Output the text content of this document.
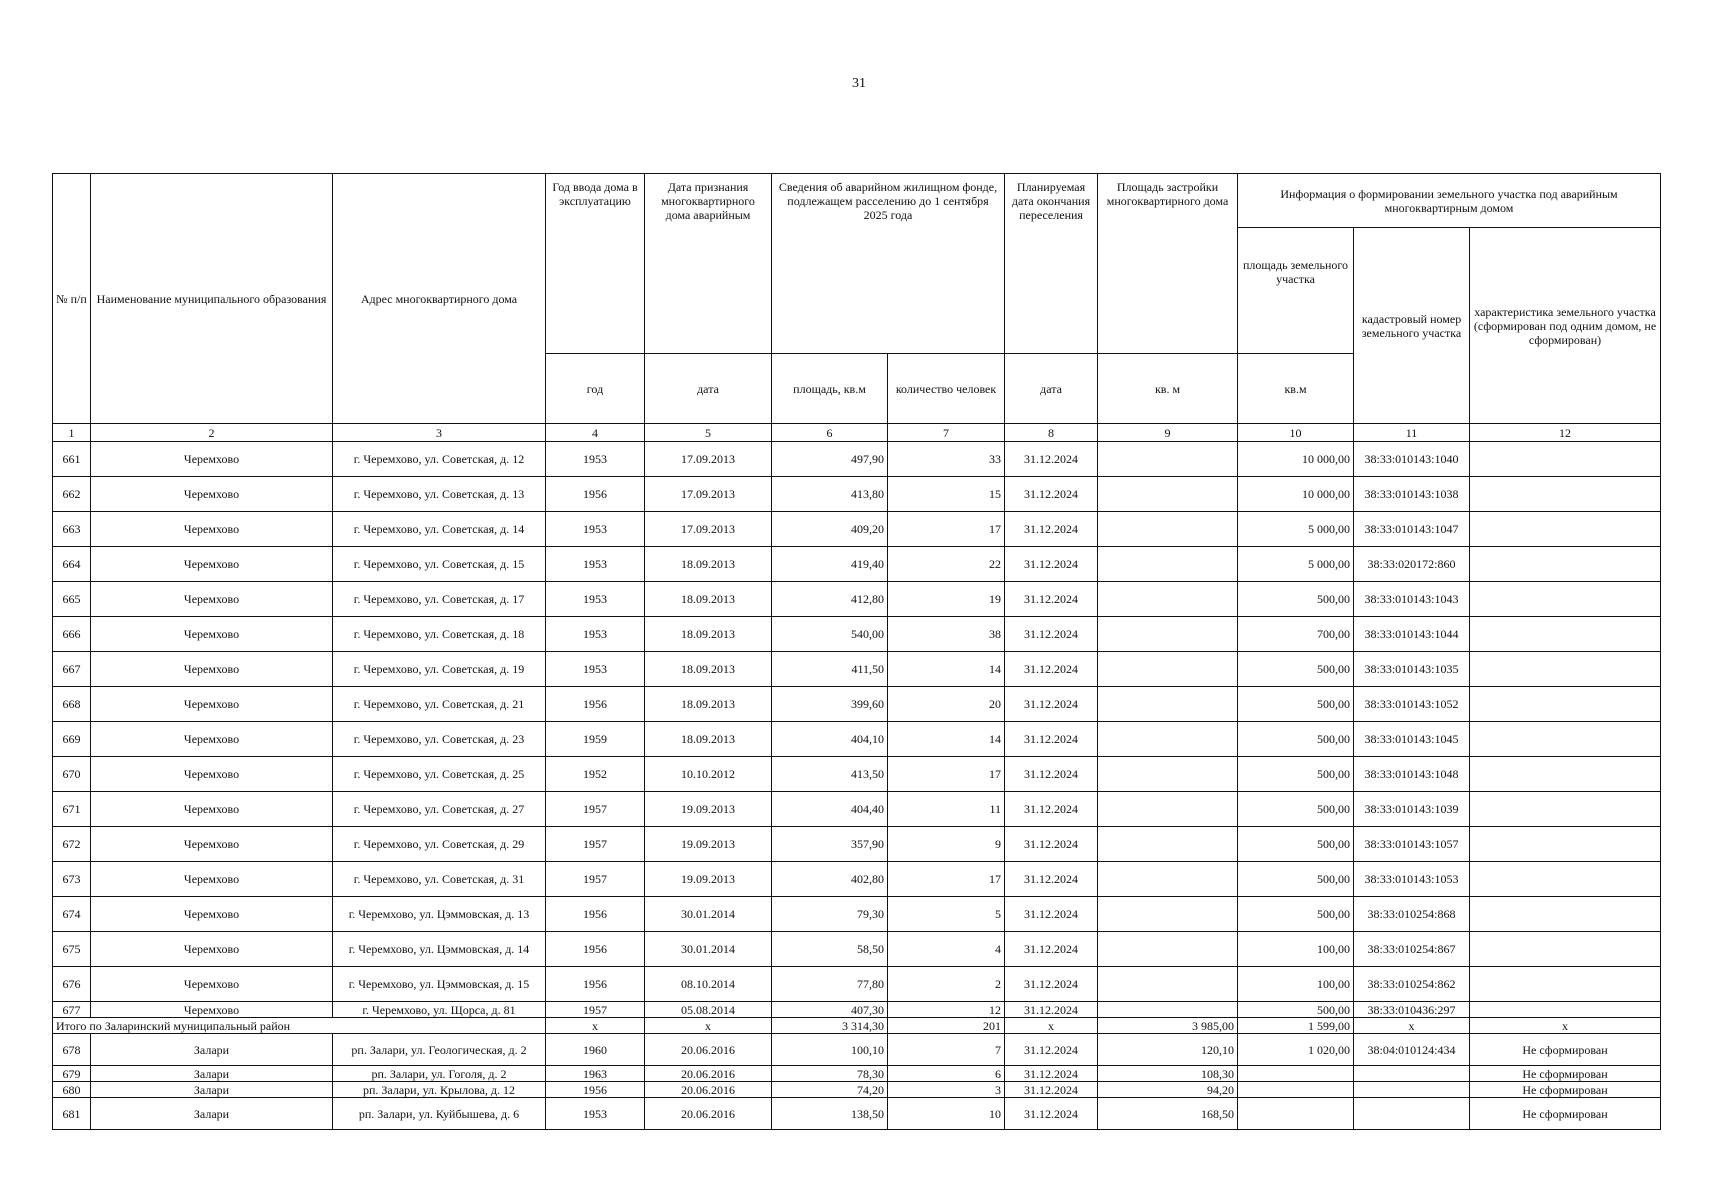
31
№ п/п	Наименование муниципального образования	Адрес многоквартирного дома	Год ввода дома в эксплуатацию	Дата признания многоквартирного дома аварийным	Сведения об аварийном жилищном фонде, подлежащем расселению до 1 сентября 2025 года		Планируемая дата окончания переселения	Площадь застройки многоквартирного дома	Информация о формировании земельного участка под аварийным многоквартирным домом		
									площадь земельного участка	кадастровый номер земельного участка	характеристика земельного участка (сформирован под одним домом, не сформирован)
			год	дата	площадь, кв.м	количество человек	дата	кв. м	кв.м		
1	2	3	4	5	6	7	8	9	10	11	12
661	Черемхово	г. Черемхово, ул. Советская, д. 12	1953	17.09.2013	497,90	33	31.12.2024		10 000,00	38:33:010143:1040	
662	Черемхово	г. Черемхово, ул. Советская, д. 13	1956	17.09.2013	413,80	15	31.12.2024		10 000,00	38:33:010143:1038	
663	Черемхово	г. Черемхово, ул. Советская, д. 14	1953	17.09.2013	409,20	17	31.12.2024		5 000,00	38:33:010143:1047	
664	Черемхово	г. Черемхово, ул. Советская, д. 15	1953	18.09.2013	419,40	22	31.12.2024		5 000,00	38:33:020172:860	
665	Черемхово	г. Черемхово, ул. Советская, д. 17	1953	18.09.2013	412,80	19	31.12.2024		500,00	38:33:010143:1043	
666	Черемхово	г. Черемхово, ул. Советская, д. 18	1953	18.09.2013	540,00	38	31.12.2024		700,00	38:33:010143:1044	
667	Черемхово	г. Черемхово, ул. Советская, д. 19	1953	18.09.2013	411,50	14	31.12.2024		500,00	38:33:010143:1035	
668	Черемхово	г. Черемхово, ул. Советская, д. 21	1956	18.09.2013	399,60	20	31.12.2024		500,00	38:33:010143:1052	
669	Черемхово	г. Черемхово, ул. Советская, д. 23	1959	18.09.2013	404,10	14	31.12.2024		500,00	38:33:010143:1045	
670	Черемхово	г. Черемхово, ул. Советская, д. 25	1952	10.10.2012	413,50	17	31.12.2024		500,00	38:33:010143:1048	
671	Черемхово	г. Черемхово, ул. Советская, д. 27	1957	19.09.2013	404,40	11	31.12.2024		500,00	38:33:010143:1039	
672	Черемхово	г. Черемхово, ул. Советская, д. 29	1957	19.09.2013	357,90	9	31.12.2024		500,00	38:33:010143:1057	
673	Черемхово	г. Черемхово, ул. Советская, д. 31	1957	19.09.2013	402,80	17	31.12.2024		500,00	38:33:010143:1053	
674	Черемхово	г. Черемхово, ул. Цэммовская, д. 13	1956	30.01.2014	79,30	5	31.12.2024		500,00	38:33:010254:868	
675	Черемхово	г. Черемхово, ул. Цэммовская, д. 14	1956	30.01.2014	58,50	4	31.12.2024		100,00	38:33:010254:867	
676	Черемхово	г. Черемхово, ул. Цэммовская, д. 15	1956	08.10.2014	77,80	2	31.12.2024		100,00	38:33:010254:862	
677	Черемхово	г. Черемхово, ул. Щорса, д. 81	1957	05.08.2014	407,30	12	31.12.2024		500,00	38:33:010436:297	
Итого по Заларинский муниципальный район			x	x	3 314,30	201	x	3 985,00	1 599,00	x	x
678	Залари	рп. Залари, ул. Геологическая, д. 2	1960	20.06.2016	100,10	7	31.12.2024	120,10	1 020,00	38:04:010124:434	Не сформирован
679	Залари	рп. Залари, ул. Гоголя, д. 2	1963	20.06.2016	78,30	6	31.12.2024	108,30			Не сформирован
680	Залари	рп. Залари, ул. Крылова, д. 12	1956	20.06.2016	74,20	3	31.12.2024	94,20			Не сформирован
681	Залари	рп. Залари, ул. Куйбышева, д. 6	1953	20.06.2016	138,50	10	31.12.2024	168,50			Не сформирован
